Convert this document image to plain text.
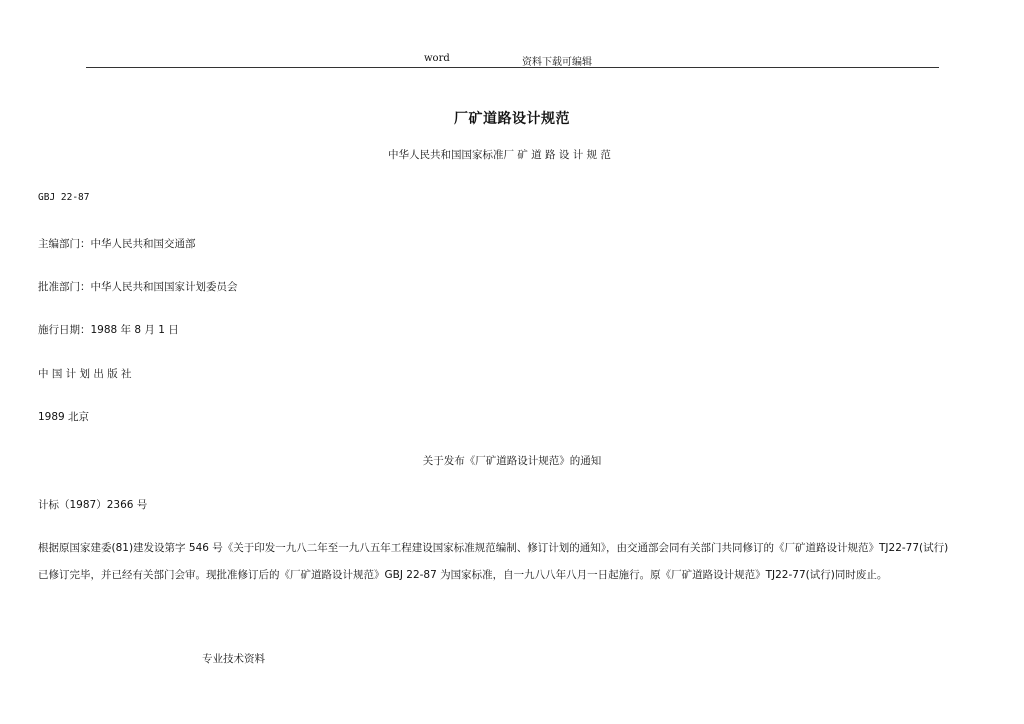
word	资料下载可编辑
厂矿道路设计规范
中华人民共和国国家标准厂 矿 道 路 设 计 规 范
GBJ 22-87
主编部门：中华人民共和国交通部
批准部门：中华人民共和国国家计划委员会
施行日期：1988 年 8 月 1 日
中 国 计 划 出 版 社
1989 北京
关于发布《厂矿道路设计规范》的通知
计标（1987）2366 号
根据原国家建委(81)建发设第字 546 号《关于印发一九八二年至一九八五年工程建设国家标准规范编制、修订计划的通知》，由交通部会同有关部门共同修订的《厂矿道路设计规范》TJ22-77(试行)
已修订完毕，并已经有关部门会审。现批准修订后的《厂矿道路设计规范》GBJ 22-87 为国家标准，自一九八八年八月一日起施行。原《厂矿道路设计规范》TJ22-77(试行)同时废止。
专业技术资料
